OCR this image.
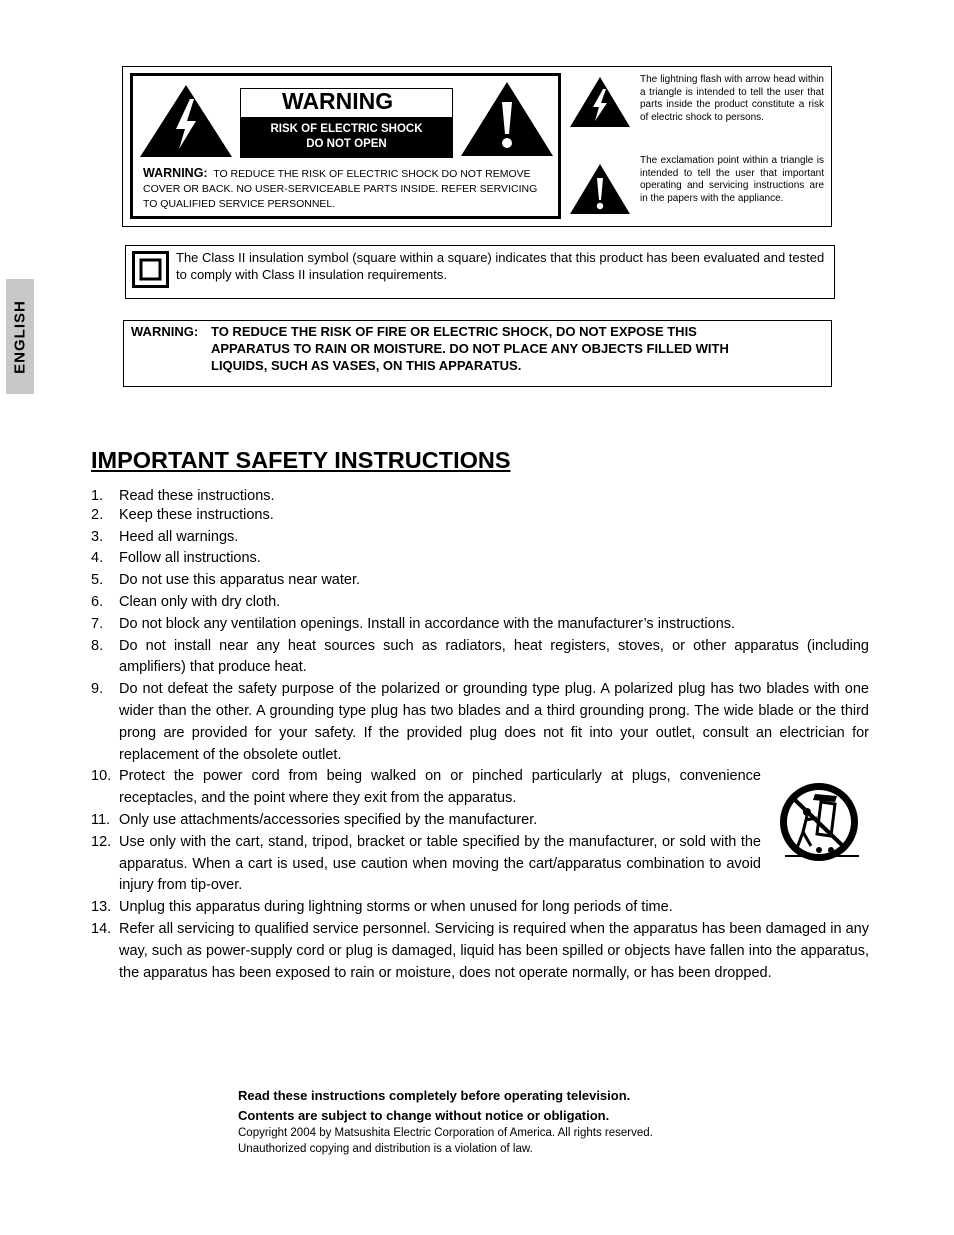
ENGLISH
WARNING
RISK OF ELECTRIC SHOCK
DO NOT OPEN
WARNING: TO REDUCE THE RISK OF ELECTRIC SHOCK DO NOT REMOVE
COVER OR BACK. NO USER-SERVICEABLE PARTS INSIDE. REFER SERVICING
TO QUALIFIED SERVICE PERSONNEL.
The lightning flash with arrow head within a triangle is intended to tell the user that parts inside the product constitute a risk of electric shock to persons.
The exclamation point within a triangle is intended to tell the user that important operating and servicing instructions are in the papers with the appliance.
The Class II insulation symbol (square within a square) indicates that this product has been evaluated and tested to comply with Class II insulation requirements.
WARNING: TO REDUCE THE RISK OF FIRE OR ELECTRIC SHOCK, DO NOT EXPOSE THIS
APPARATUS TO RAIN OR MOISTURE. DO NOT PLACE ANY OBJECTS FILLED WITH
LIQUIDS, SUCH AS VASES, ON THIS APPARATUS.
IMPORTANT SAFETY INSTRUCTIONS
1. Read these instructions.
2. Keep these instructions.
3. Heed all warnings.
4. Follow all instructions.
5. Do not use this apparatus near water.
6. Clean only with dry cloth.
7. Do not block any ventilation openings. Install in accordance with the manufacturer’s instructions.
8. Do not install near any heat sources such as radiators, heat registers, stoves, or other apparatus (including amplifiers) that produce heat.
9. Do not defeat the safety purpose of the polarized or grounding type plug. A polarized plug has two blades with one wider than the other. A grounding type plug has two blades and a third grounding prong. The wide blade or the third prong are provided for your safety. If the provided plug does not fit into your outlet, consult an electrician for replacement of the obsolete outlet.
10. Protect the power cord from being walked on or pinched particularly at plugs, convenience receptacles, and the point where they exit from the apparatus.
11. Only use attachments/accessories specified by the manufacturer.
12. Use only with the cart, stand, tripod, bracket or table specified by the manufacturer, or sold with the apparatus. When a cart is used, use caution when moving the cart/apparatus combination to avoid injury from tip-over.
13. Unplug this apparatus during lightning storms or when unused for long periods of time.
14. Refer all servicing to qualified service personnel. Servicing is required when the apparatus has been damaged in any way, such as power-supply cord or plug is damaged, liquid has been spilled or objects have fallen into the apparatus, the apparatus has been exposed to rain or moisture, does not operate normally, or has been dropped.
Read these instructions completely before operating television.
Contents are subject to change without notice or obligation.
Copyright 2004 by Matsushita Electric Corporation of America. All rights reserved.
Unauthorized copying and distribution is a violation of law.
